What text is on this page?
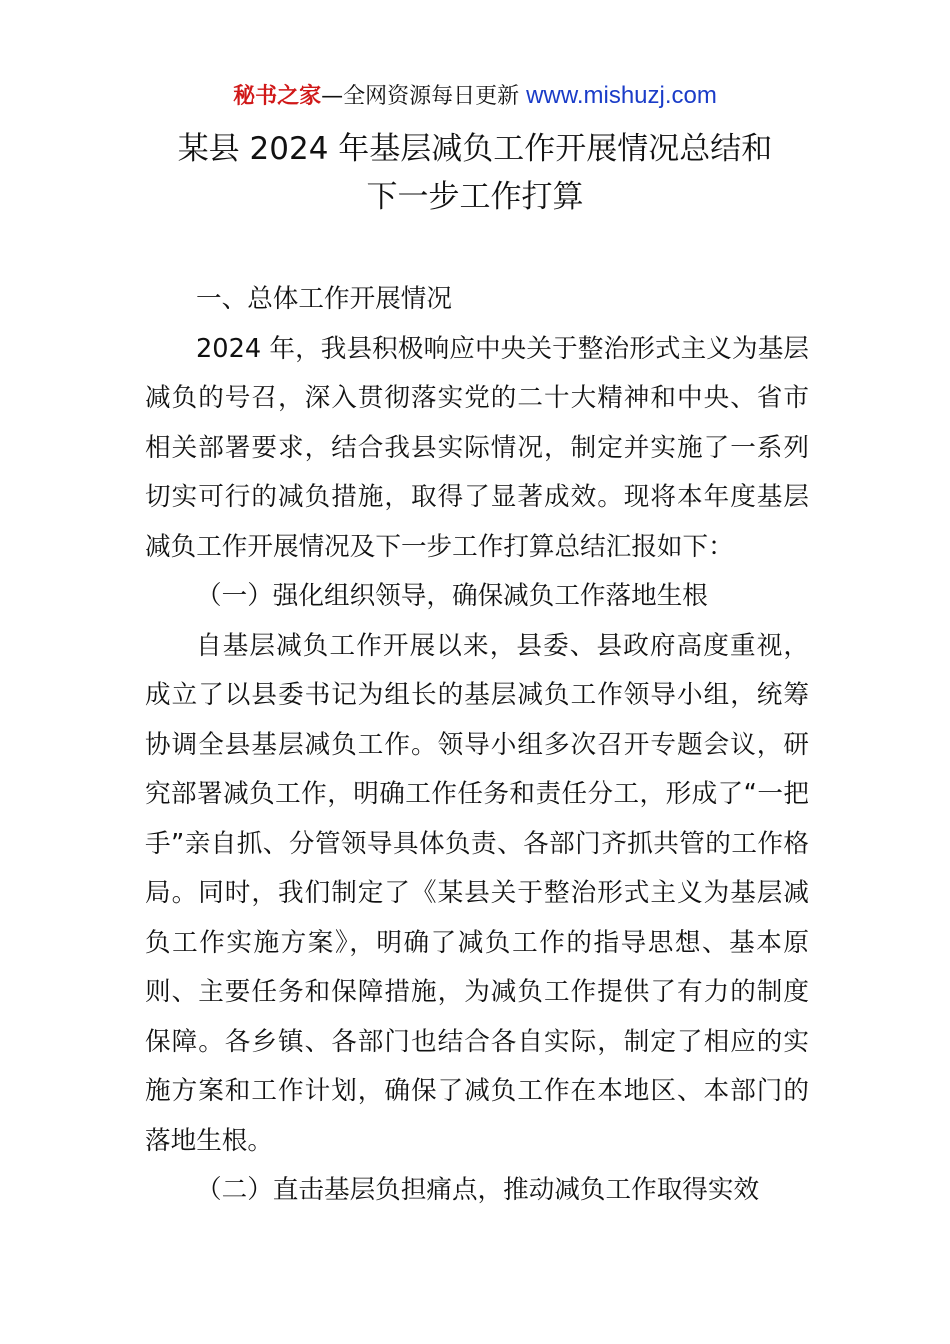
秘书之家—全网资源每日更新 www.mishuzj.com
某县 2024 年基层减负工作开展情况总结和
下一步工作打算

一、总体工作开展情况

2024 年，我县积极响应中央关于整治形式主义为基层减负的号召，深入贯彻落实党的二十大精神和中央、省市相关部署要求，结合我县实际情况，制定并实施了一系列切实可行的减负措施，取得了显著成效。现将本年度基层减负工作开展情况及下一步工作打算总结汇报如下：

（一）强化组织领导，确保减负工作落地生根

自基层减负工作开展以来，县委、县政府高度重视，成立了以县委书记为组长的基层减负工作领导小组，统筹协调全县基层减负工作。领导小组多次召开专题会议，研究部署减负工作，明确工作任务和责任分工，形成了“一把手”亲自抓、分管领导具体负责、各部门齐抓共管的工作格局。同时，我们制定了《某县关于整治形式主义为基层减负工作实施方案》，明确了减负工作的指导思想、基本原则、主要任务和保障措施，为减负工作提供了有力的制度保障。各乡镇、各部门也结合各自实际，制定了相应的实施方案和工作计划，确保了减负工作在本地区、本部门的落地生根。

（二）直击基层负担痛点，推动减负工作取得实效
